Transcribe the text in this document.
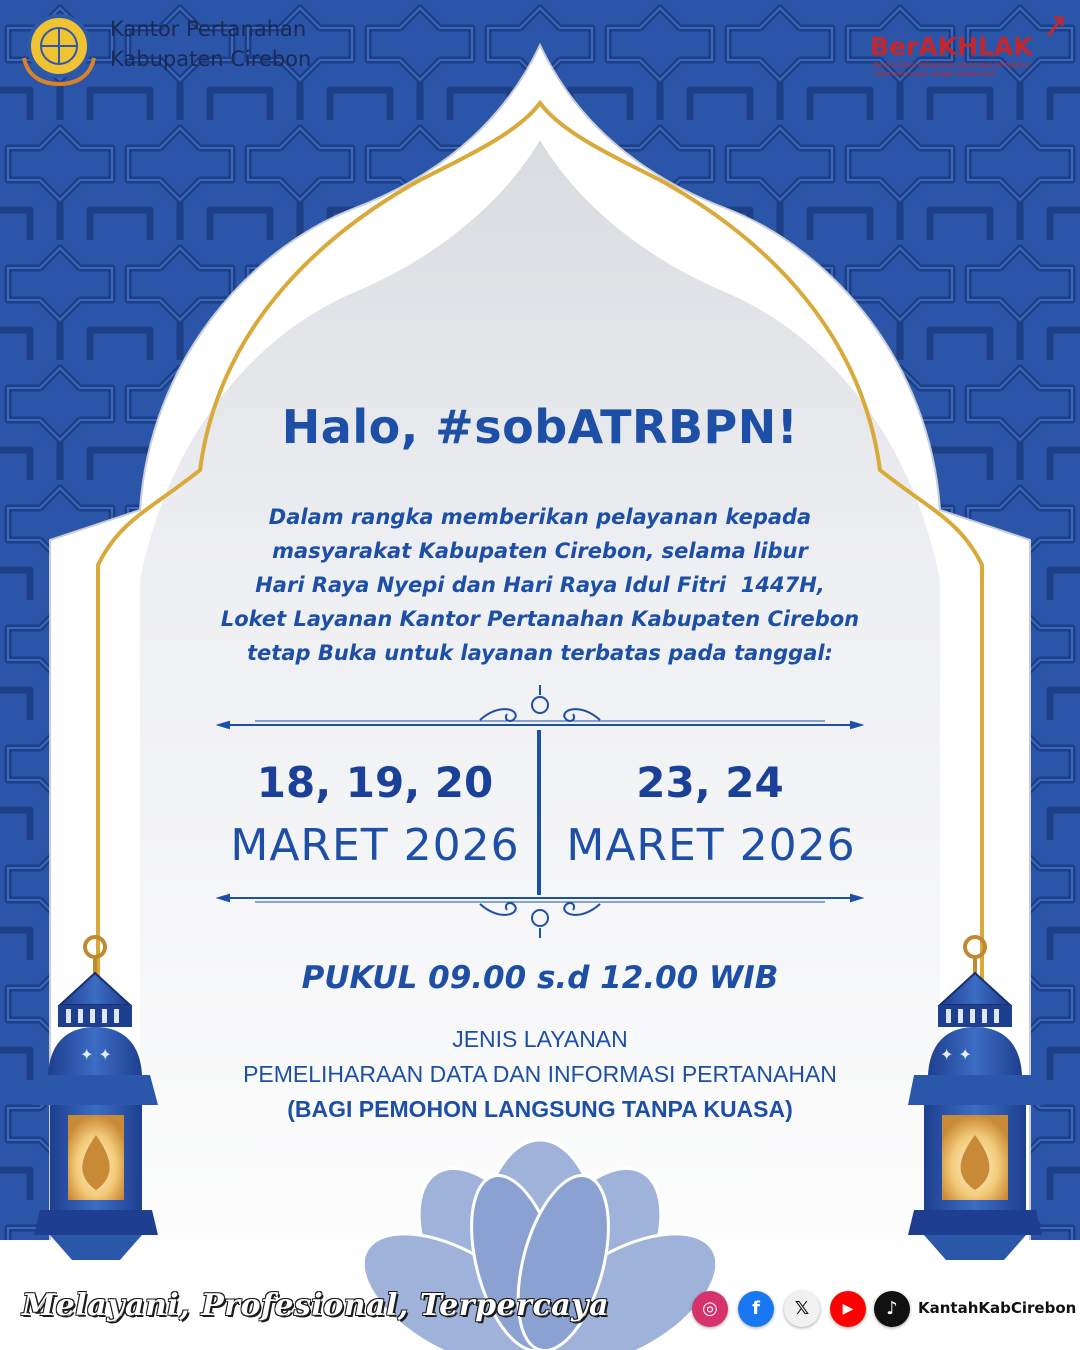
✦ ✦	✦ ✦
Kantor Pertanahan
Kabupaten Cirebon	BerAKHLAK
Berorientasi Pelayanan Akuntabel Kompeten Harmonis Loyal Adaptif Kolaboratif
Halo, #sobATRBPN!
Dalam rangka memberikan pelayanan kepada
masyarakat Kabupaten Cirebon, selama libur
Hari Raya Nyepi dan Hari Raya Idul Fitri  1447H,
Loket Layanan Kantor Pertanahan Kabupaten Cirebon
tetap Buka untuk layanan terbatas pada tanggal:
18, 19, 20
MARET 2026
23, 24
MARET 2026
PUKUL 09.00 s.d 12.00 WIB
JENIS LAYANAN
PEMELIHARAAN DATA DAN INFORMASI PERTANAHAN
(BAGI PEMOHON LANGSUNG TANPA KUASA)
Melayani, Profesional, Terpercaya	◎	f	𝕏	▶	♪	KantahKabCirebon
